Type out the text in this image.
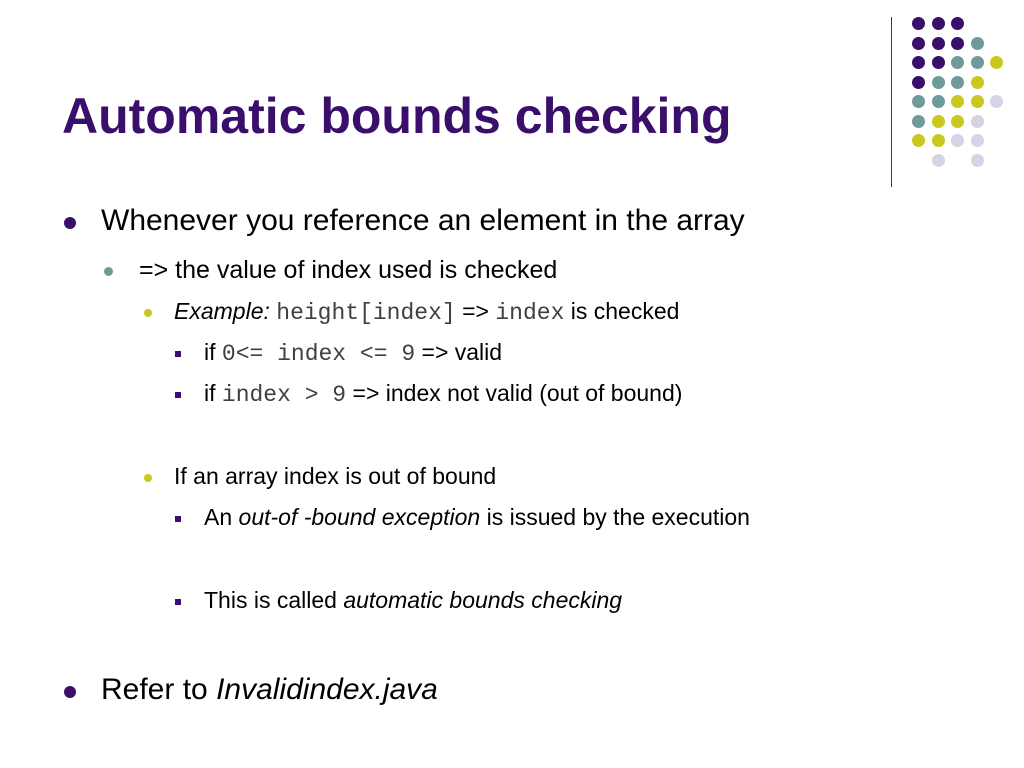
Automatic bounds checking
Whenever you reference an element in the array
=> the value of index used is checked
Example: height[index] => index is checked
if 0<= index <= 9 => valid
if index > 9 => index not valid (out of bound)
If an array index is out of bound
An out-of -bound exception is issued by the execution
This is called automatic bounds checking
Refer to Invalidindex.java
